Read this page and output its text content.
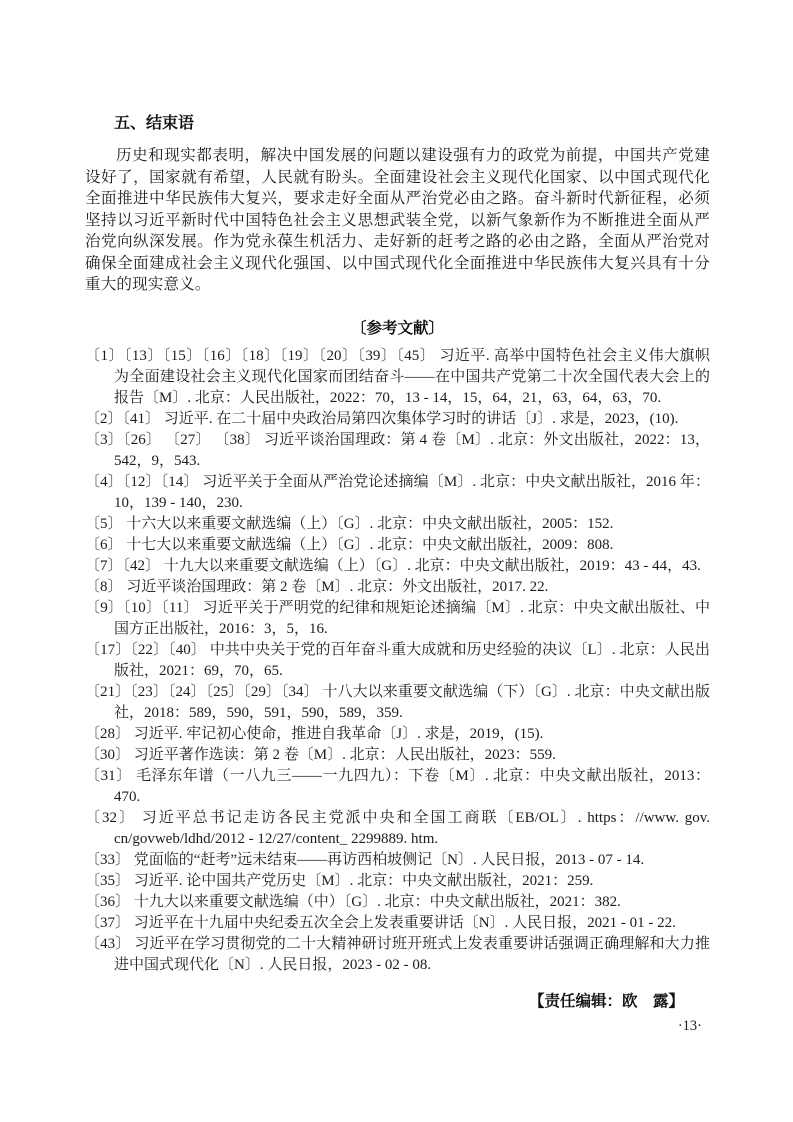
五、结束语

历史和现实都表明，解决中国发展的问题以建设强有力的政党为前提，中国共产党建设好了，国家就有希望，人民就有盼头。全面建设社会主义现代化国家、以中国式现代化全面推进中华民族伟大复兴，要求走好全面从严治党必由之路。奋斗新时代新征程，必须坚持以习近平新时代中国特色社会主义思想武装全党，以新气象新作为不断推进全面从严治党向纵深发展。作为党永葆生机活力、走好新的赶考之路的必由之路，全面从严治党对确保全面建成社会主义现代化强国、以中国式现代化全面推进中华民族伟大复兴具有十分重大的现实意义。

〔参考文献〕
〔1〕〔13〕〔15〕〔16〕〔18〕〔19〕〔20〕〔39〕〔45〕 习近平. 高举中国特色社会主义伟大旗帜　为全面建设社会主义现代化国家而团结奋斗——在中国共产党第二十次全国代表大会上的报告〔M〕. 北京：人民出版社，2022：70，13 - 14，15，64，21，63，64，63，70.
〔2〕〔41〕 习近平. 在二十届中央政治局第四次集体学习时的讲话〔J〕. 求是，2023，(10).
〔3〕〔26〕 〔27〕 〔38〕 习近平谈治国理政：第 4 卷〔M〕. 北京：外文出版社，2022：13，542，9，543.
〔4〕〔12〕〔14〕 习近平关于全面从严治党论述摘编〔M〕. 北京：中央文献出版社，2016 年：10，139 - 140，230.
〔5〕 十六大以来重要文献选编（上）〔G〕. 北京：中央文献出版社，2005：152.
〔6〕 十七大以来重要文献选编（上）〔G〕. 北京：中央文献出版社，2009：808.
〔7〕〔42〕 十九大以来重要文献选编（上）〔G〕. 北京：中央文献出版社，2019：43 - 44，43.
〔8〕 习近平谈治国理政：第 2 卷〔M〕. 北京：外文出版社，2017. 22.
〔9〕〔10〕〔11〕 习近平关于严明党的纪律和规矩论述摘编〔M〕. 北京：中央文献出版社、中国方正出版社，2016：3，5，16.
〔17〕〔22〕〔40〕 中共中央关于党的百年奋斗重大成就和历史经验的决议〔L〕. 北京：人民出版社，2021：69，70，65.
〔21〕〔23〕〔24〕〔25〕〔29〕〔34〕 十八大以来重要文献选编（下）〔G〕. 北京：中央文献出版社，2018：589，590，591，590，589，359.
〔28〕 习近平. 牢记初心使命，推进自我革命〔J〕. 求是，2019，(15).
〔30〕 习近平著作选读：第 2 卷〔M〕. 北京：人民出版社，2023：559.
〔31〕 毛泽东年谱（一八九三——一九四九）：下卷〔M〕. 北京：中央文献出版社，2013：470.
〔32〕 习近平总书记走访各民主党派中央和全国工商联〔EB/OL〕. https：//www. gov. cn/govweb/ldhd/2012 - 12/27/content_ 2299889. htm.
〔33〕 党面临的“赶考”远未结束——再访西柏坡侧记〔N〕. 人民日报，2013 - 07 - 14.
〔35〕 习近平. 论中国共产党历史〔M〕. 北京：中央文献出版社，2021：259.
〔36〕 十九大以来重要文献选编（中）〔G〕. 北京：中央文献出版社，2021：382.
〔37〕 习近平在十九届中央纪委五次全会上发表重要讲话〔N〕. 人民日报，2021 - 01 - 22.
〔43〕 习近平在学习贯彻党的二十大精神研讨班开班式上发表重要讲话强调正确理解和大力推进中国式现代化〔N〕. 人民日报，2023 - 02 - 08.
【责任编辑：欧　露】
·13·
